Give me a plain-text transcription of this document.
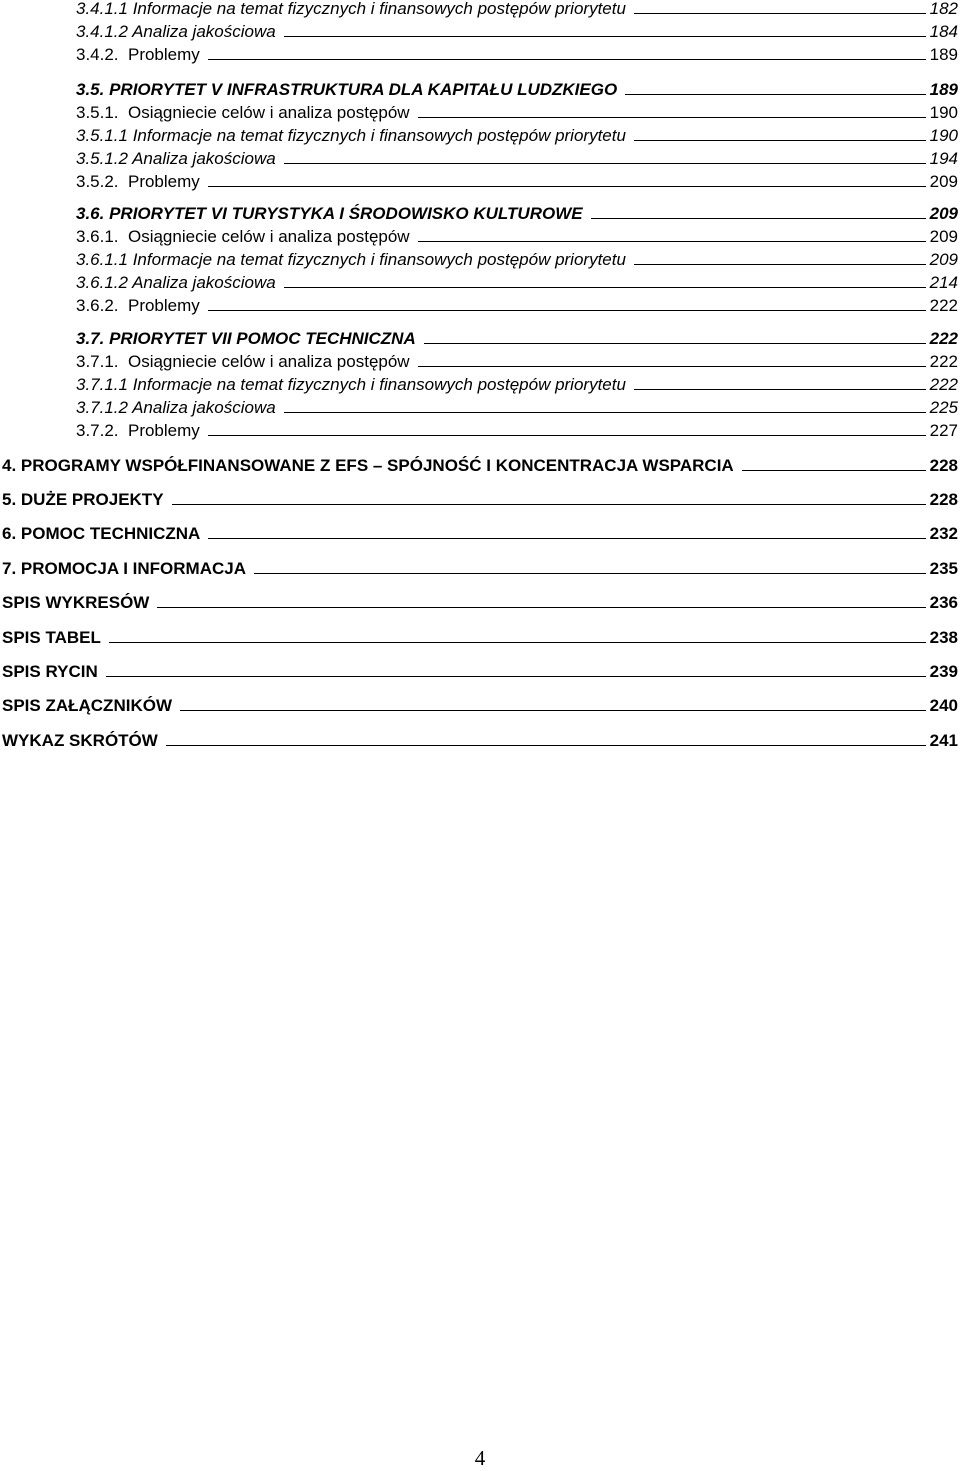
3.4.1.1 Informacje na temat fizycznych i finansowych postępów priorytetu	182
3.4.1.2 Analiza jakościowa	184
3.4.2.  Problemy	189
3.5. PRIORYTET V INFRASTRUKTURA DLA KAPITAŁU LUDZKIEGO	189
3.5.1.  Osiągniecie celów i analiza postępów	190
3.5.1.1 Informacje na temat fizycznych i finansowych postępów priorytetu	190
3.5.1.2 Analiza jakościowa	194
3.5.2.  Problemy	209
3.6. PRIORYTET VI TURYSTYKA I ŚRODOWISKO KULTUROWE	209
3.6.1.  Osiągniecie celów i analiza postępów	209
3.6.1.1 Informacje na temat fizycznych i finansowych postępów priorytetu	209
3.6.1.2 Analiza jakościowa	214
3.6.2.  Problemy	222
3.7. PRIORYTET VII POMOC TECHNICZNA	222
3.7.1.  Osiągniecie celów i analiza postępów	222
3.7.1.1 Informacje na temat fizycznych i finansowych postępów priorytetu	222
3.7.1.2 Analiza jakościowa	225
3.7.2.  Problemy	227
4. PROGRAMY WSPÓŁFINANSOWANE Z EFS – SPÓJNOŚĆ I KONCENTRACJA WSPARCIA	228
5. DUŻE PROJEKTY	228
6. POMOC TECHNICZNA	232
7. PROMOCJA I INFORMACJA	235
SPIS WYKRESÓW	236
SPIS TABEL	238
SPIS RYCIN	239
SPIS ZAŁĄCZNIKÓW	240
WYKAZ SKRÓTÓW	241
4
